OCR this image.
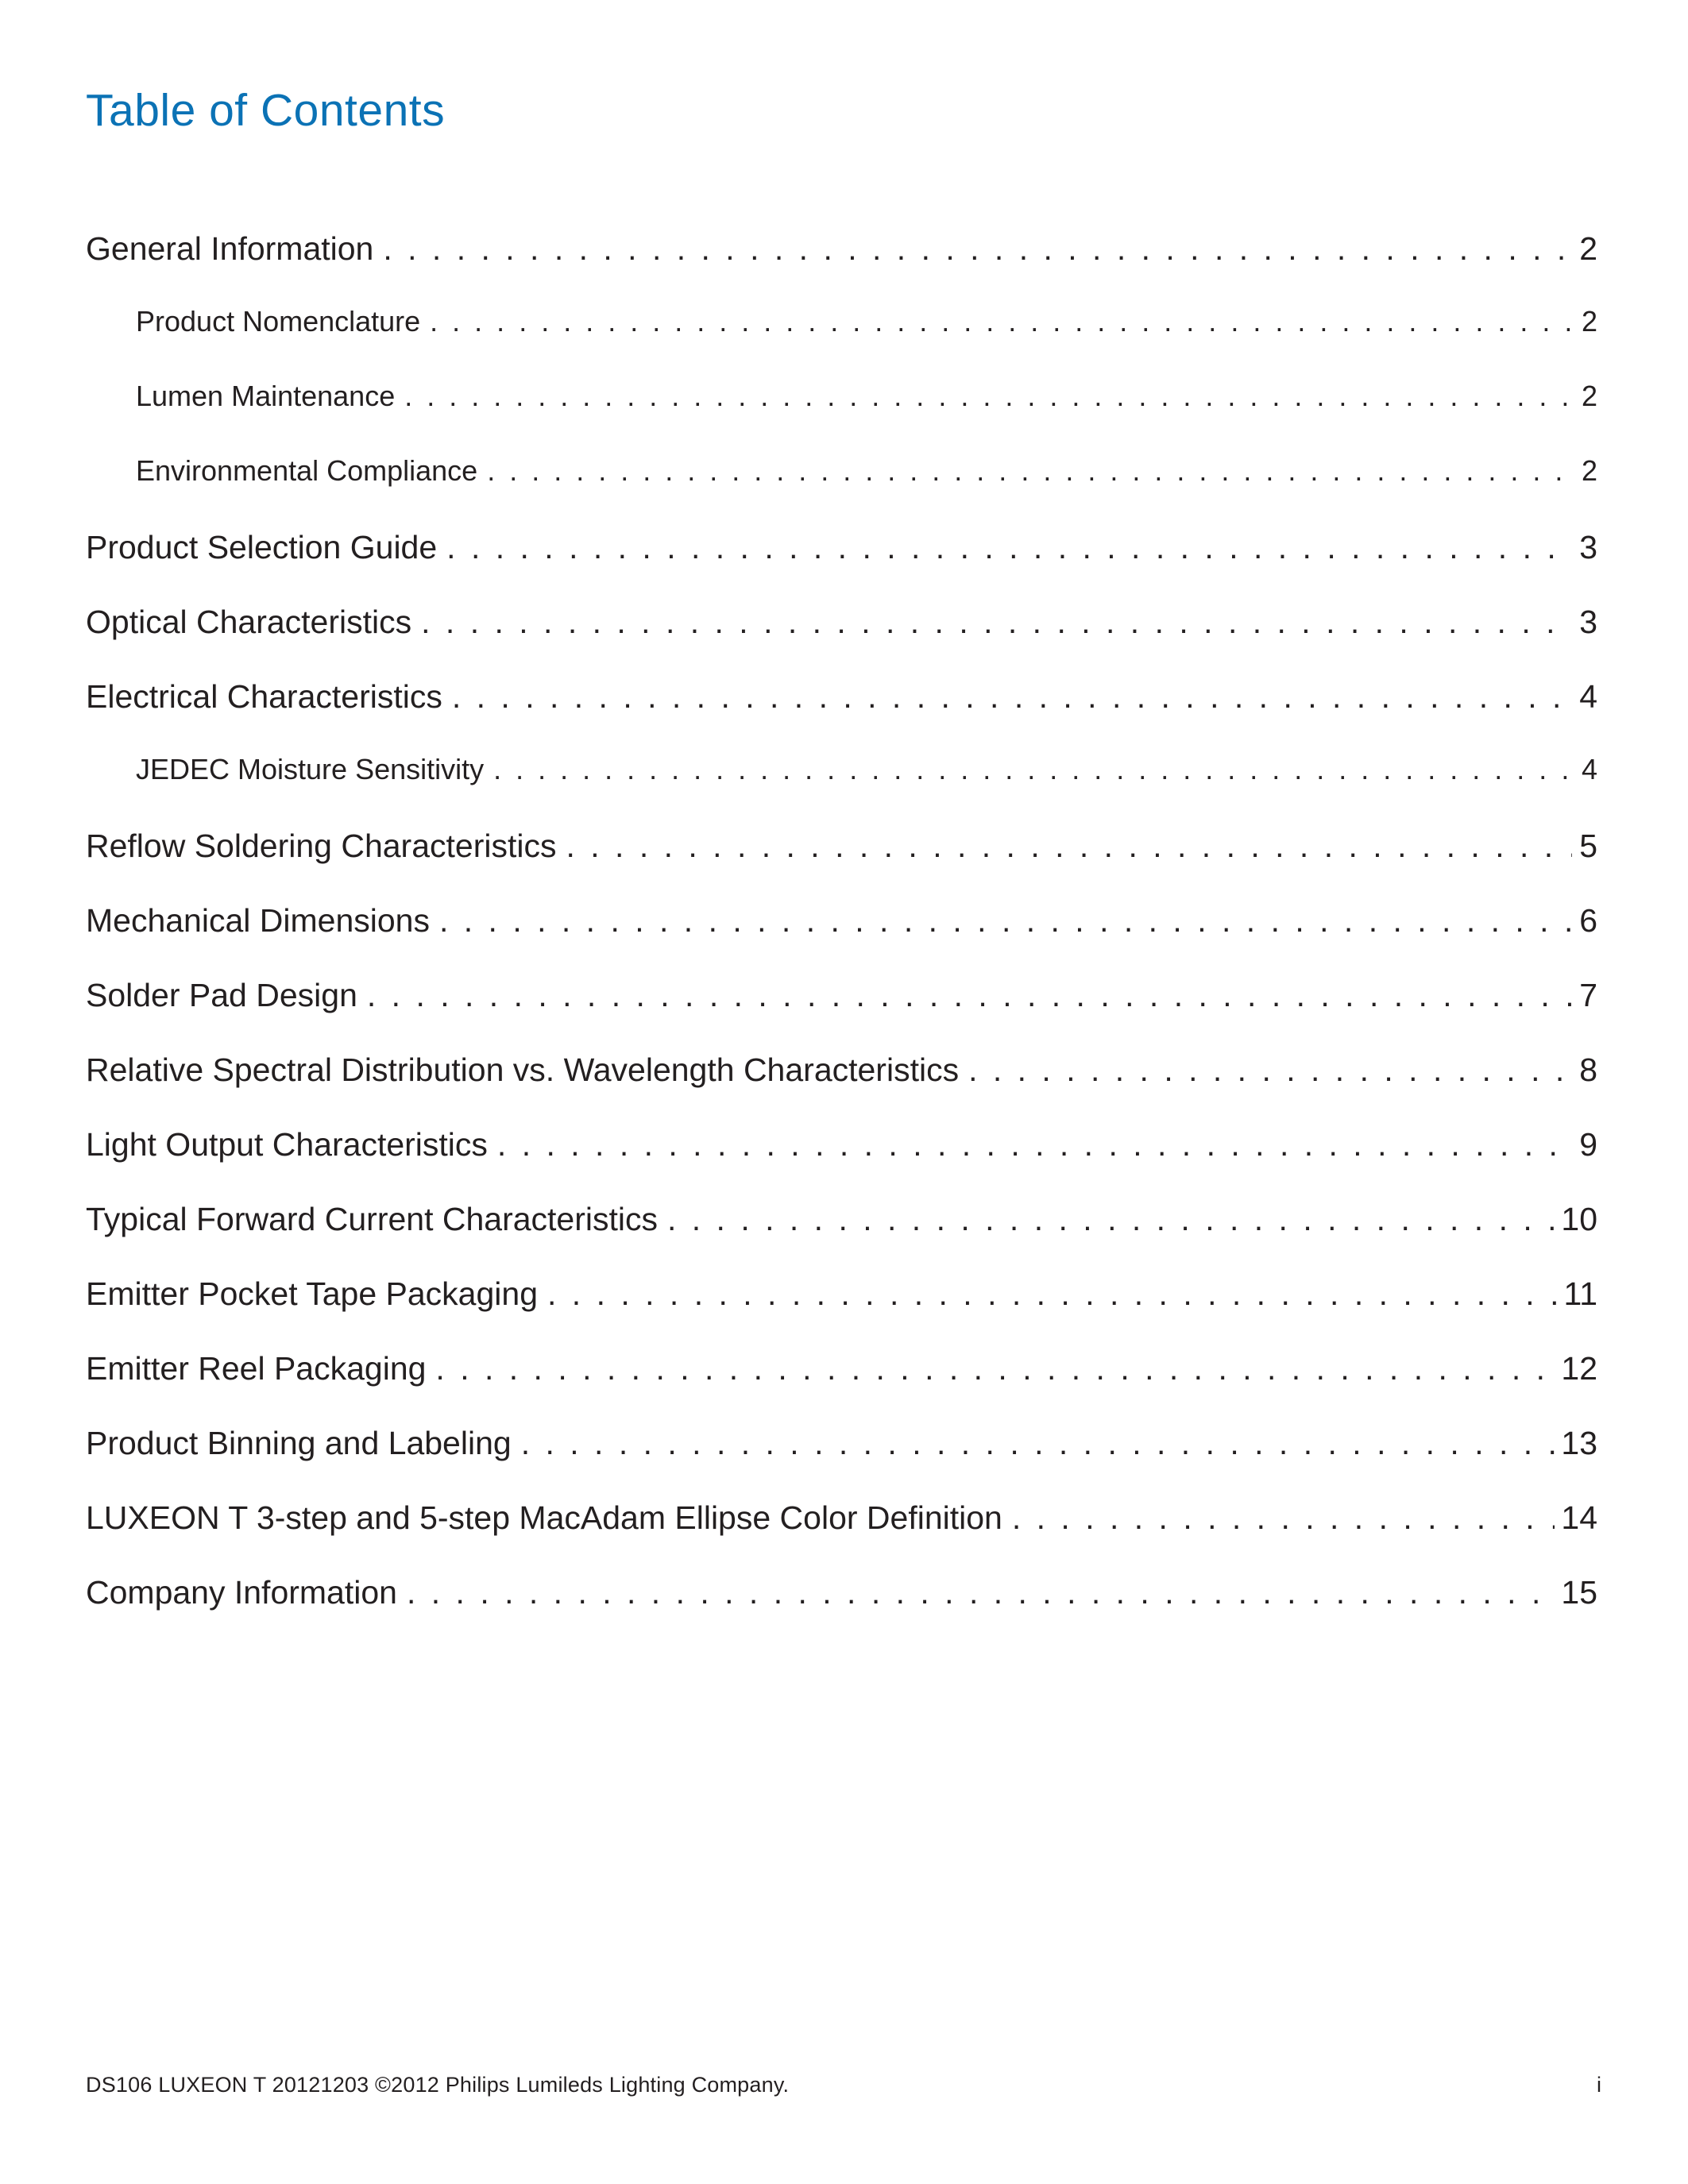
Table of Contents
General Information . . .	2
Product Nomenclature . . .	2
Lumen Maintenance . . .	2
Environmental Compliance . . .	2
Product Selection Guide . . .	3
Optical Characteristics . . .	3
Electrical Characteristics . . .	4
JEDEC Moisture Sensitivity . . .	4
Reflow Soldering Characteristics . . .	5
Mechanical Dimensions . . .	6
Solder Pad Design . . .	7
Relative Spectral Distribution vs. Wavelength Characteristics . . .	8
Light Output Characteristics . . .	9
Typical Forward Current Characteristics . . .	10
Emitter Pocket Tape Packaging . . .	11
Emitter Reel Packaging . . .	12
Product Binning and Labeling . . .	13
LUXEON T 3-step and 5-step MacAdam Ellipse Color Definition . . .	14
Company Information . . .	15
DS106 LUXEON T 20121203 ©2012 Philips Lumileds Lighting Company.	i
